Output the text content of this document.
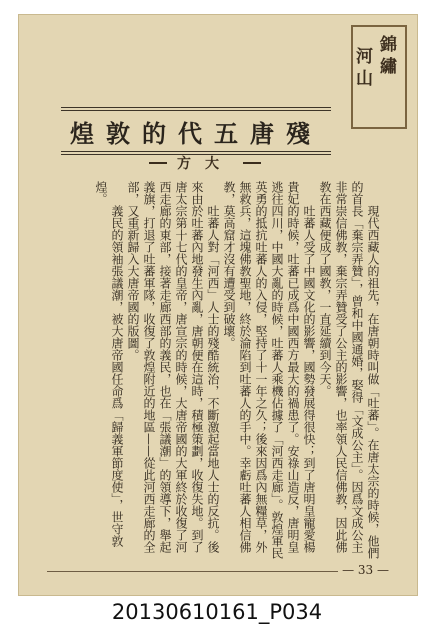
錦繡
河山
殘唐五代的敦煌
大方

現代西藏人的祖先，在唐朝時叫做「吐蕃」。在唐太宗的時候，他們的首長「棄宗弄贊」，曾和中國通婚，娶得「文成公主」。因爲文成公主非常崇信佛教，棄宗弄贊受了公主的影響，也率領人民信佛教，因此佛教在西藏便成了國教，一直延續到今天。

吐蕃人受了中國文化的影響，國勢發展得很快；到了唐明皇寵愛楊貴妃的時候，吐蕃已成爲中國西方最大的禍患了。安祿山造反，唐明皇逃往四川，中國大亂的時候，吐蕃人乘機佔據了「河西走廊」。敦煌軍民英勇的抵抗吐蕃人的入侵，堅持了十一年之久；後來因爲內無糧草，外無救兵，這塊佛教聖地，終於淪陷到吐蕃人的手中。幸虧吐蕃人相信佛教，莫高窟才沒有遭受到破壞。

吐蕃人對「河西」人士的殘酷統治，不斷激起當地人士的反抗。後來由於吐蕃內地發生內亂，唐朝便在這時，積極策劃，收復失地。到了唐太宗第十七代的皇帝，唐宣宗的時候，大唐帝國的大軍終於收復了河西走廊的東部，接著走廊西部的義民，也在「張議潮」的領導下，舉起義旗，打退了吐蕃軍隊，收復了敦煌附近的地區——從此河西走廊的全部，又重新歸入大唐帝國的版圖。

義民的領袖張議潮，被大唐帝國任命爲「歸義軍節度使」，世守敦煌。

— 33 —
20130610161_P034
